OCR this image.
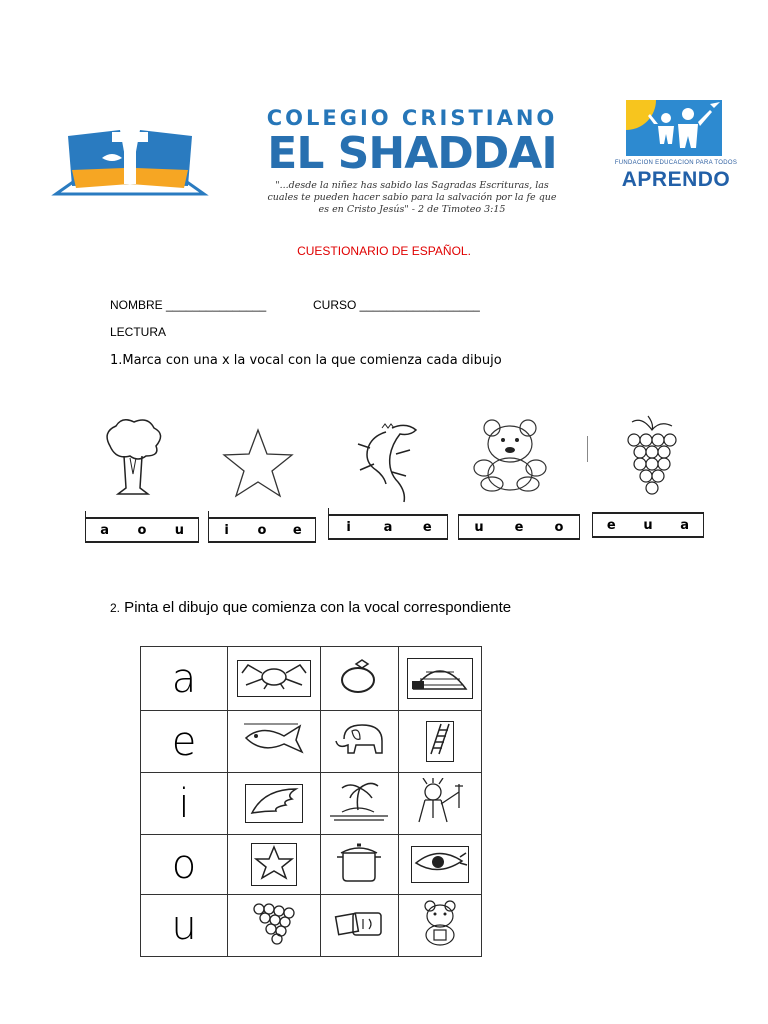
COLEGIO CRISTIANO
EL SHADDAI
"...desde la niñez has sabido las Sagradas Escrituras, las cuales te pueden hacer sabio para la salvación por la fe que es en Cristo Jesús" - 2 de Timoteo 3:15
FUNDACION EDUCACION PARA TODOS
APRENDO
CUESTIONARIO DE ESPAÑOL.
NOMBRE _______________	CURSO __________________
LECTURA
1.Marca con una x la vocal con la que comienza cada dibujo
a	o	u	i	o	e	i	a	e	u	e	o	e	u	a
2. Pinta el dibujo que comienza con la vocal correspondiente
a			
e			
i			
o			
u			
